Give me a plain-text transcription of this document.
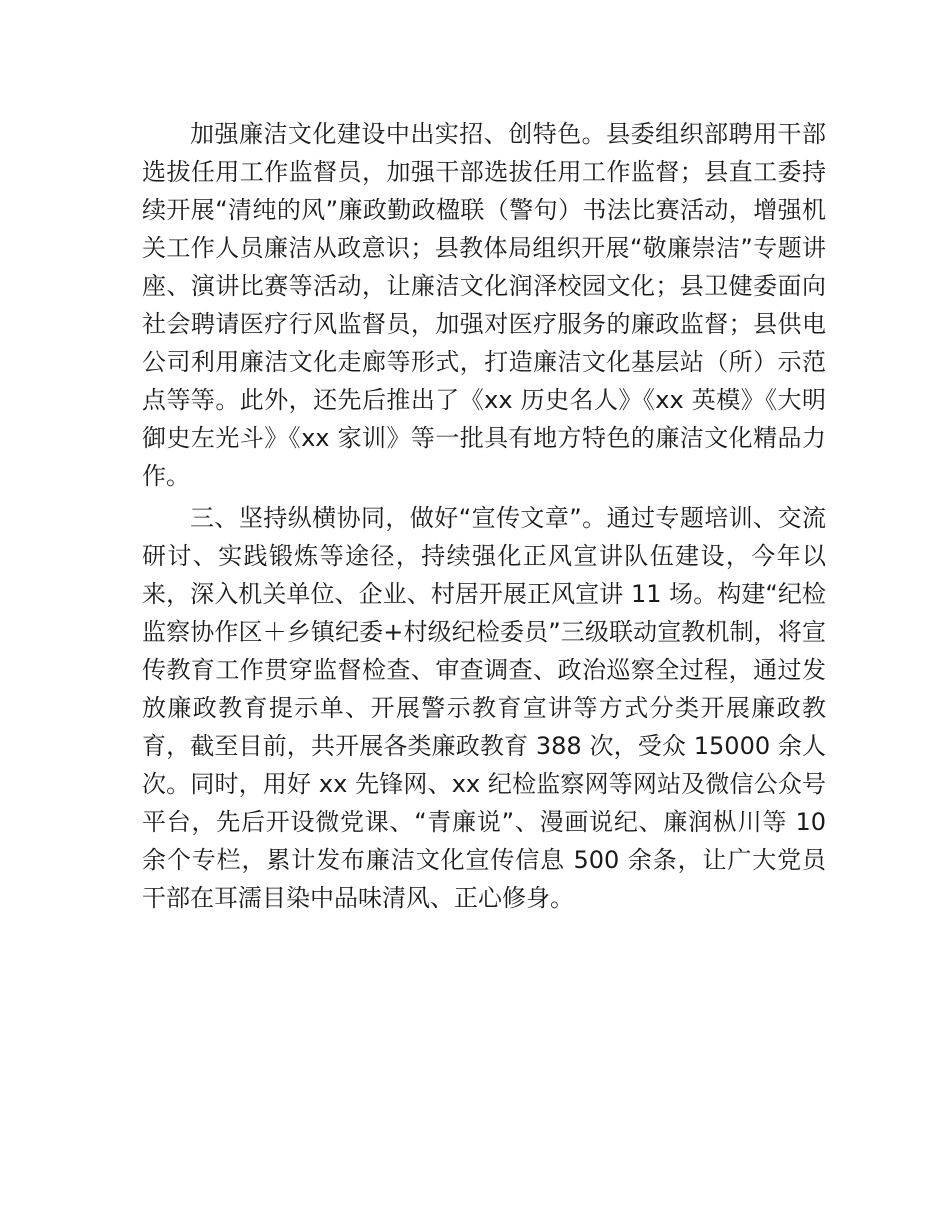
加强廉洁文化建设中出实招、创特色。县委组织部聘用干部选拔任用工作监督员，加强干部选拔任用工作监督；县直工委持续开展“清纯的风”廉政勤政楹联（警句）书法比赛活动，增强机关工作人员廉洁从政意识；县教体局组织开展“敬廉崇洁”专题讲座、演讲比赛等活动，让廉洁文化润泽校园文化；县卫健委面向社会聘请医疗行风监督员，加强对医疗服务的廉政监督；县供电公司利用廉洁文化走廊等形式，打造廉洁文化基层站（所）示范点等等。此外，还先后推出了《xx 历史名人》《xx 英模》《大明御史左光斗》《xx 家训》等一批具有地方特色的廉洁文化精品力作。

三、坚持纵横协同，做好“宣传文章”。通过专题培训、交流研讨、实践锻炼等途径，持续强化正风宣讲队伍建设，今年以来，深入机关单位、企业、村居开展正风宣讲 11 场。构建“纪检监察协作区＋乡镇纪委+村级纪检委员”三级联动宣教机制，将宣传教育工作贯穿监督检查、审查调查、政治巡察全过程，通过发放廉政教育提示单、开展警示教育宣讲等方式分类开展廉政教育，截至目前，共开展各类廉政教育 388 次，受众 15000 余人次。同时，用好 xx 先锋网、xx 纪检监察网等网站及微信公众号平台，先后开设微党课、“青廉说”、漫画说纪、廉润枞川等 10 余个专栏，累计发布廉洁文化宣传信息 500 余条，让广大党员干部在耳濡目染中品味清风、正心修身。
